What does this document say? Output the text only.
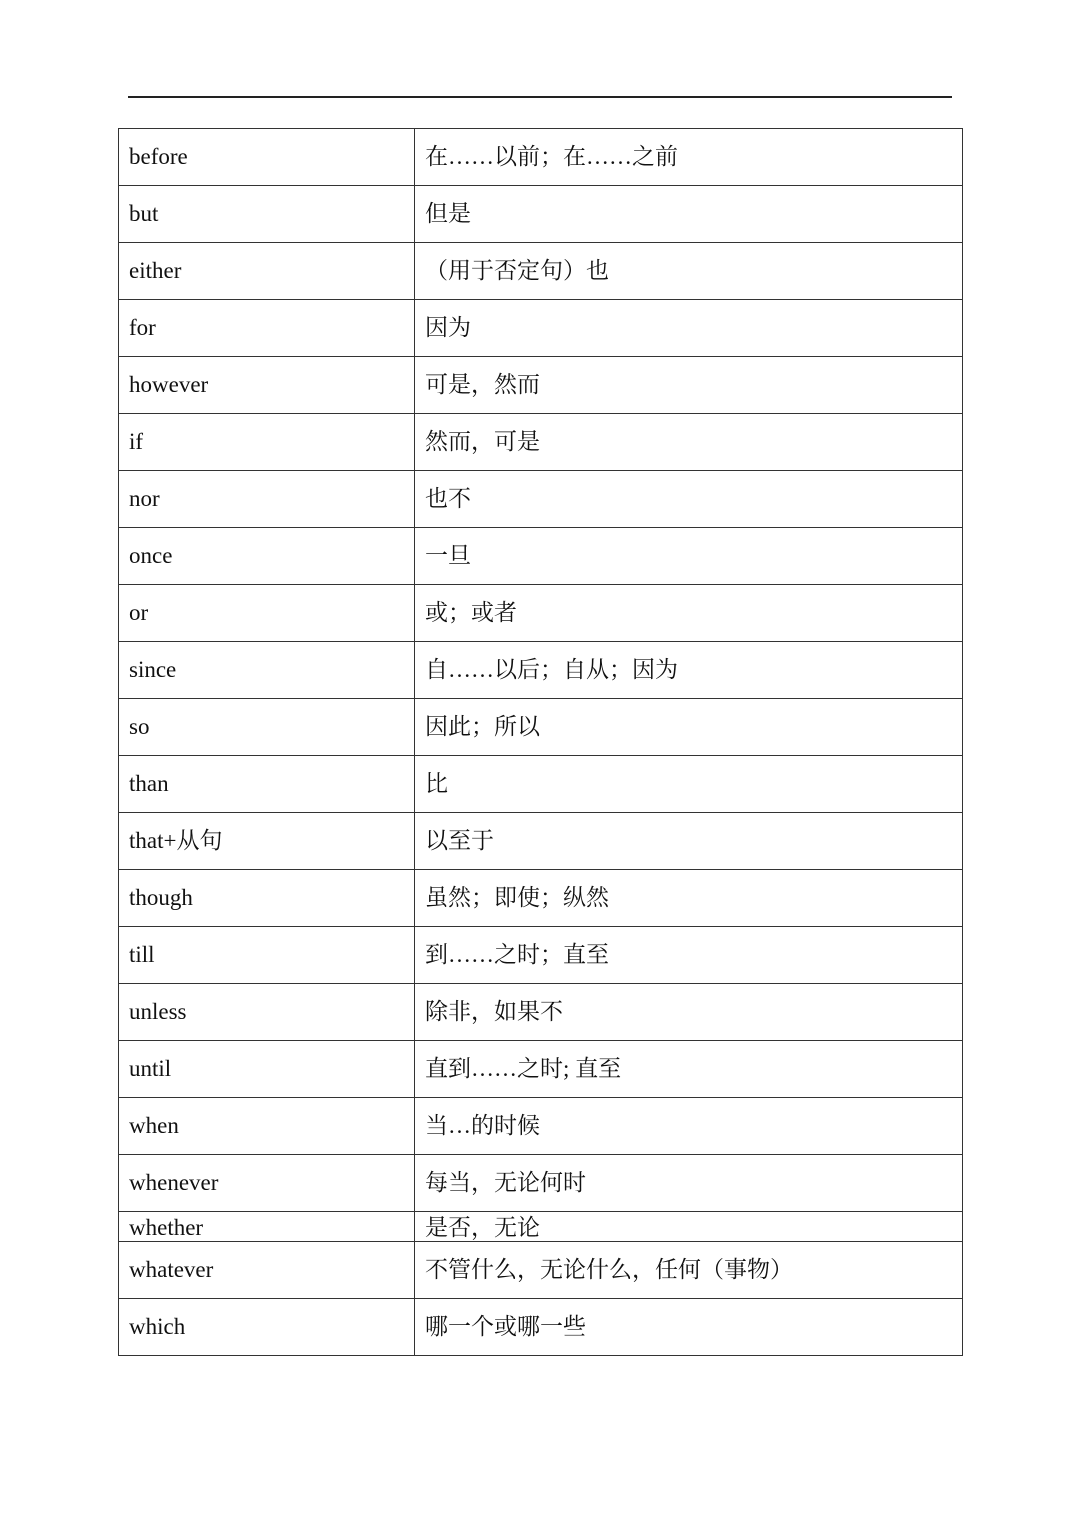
before	在……以前；在……之前
but	但是
either	（用于否定句）也
for	因为
however	可是，然而
if	然而，可是
nor	也不
once	一旦
or	或；或者
since	自……以后；自从；因为
so	因此；所以
than	比
that+从句	以至于
though	虽然；即使；纵然
till	到……之时；直至
unless	除非，如果不
until	直到……之时; 直至
when	当…的时候
whenever	每当，无论何时
whether	是否，无论
whatever	不管什么，无论什么，任何（事物）
which	哪一个或哪一些
